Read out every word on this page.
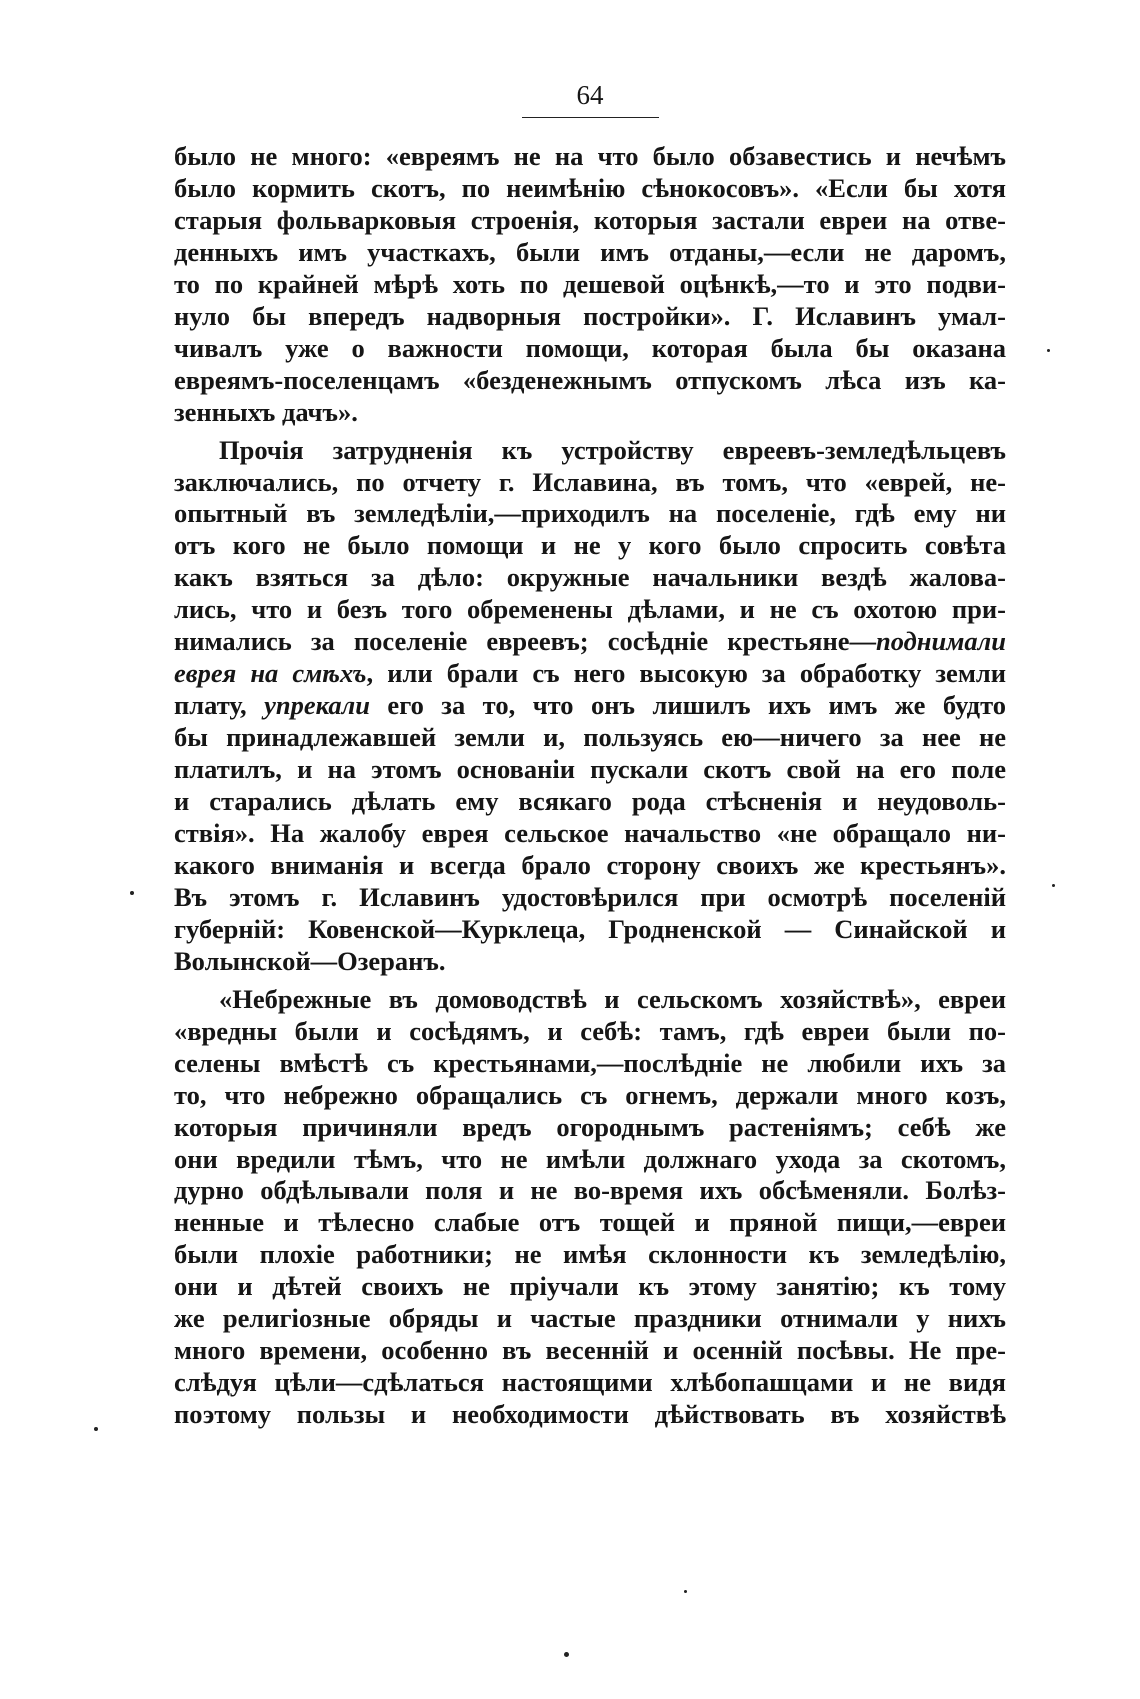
64
было не много: «евреямъ не на что было обзавестись и нечѣмъ
было кормить скотъ, по неимѣнію сѣнокосовъ». «Если бы хотя
старыя фольварковыя строенія, которыя застали евреи на отве-
денныхъ имъ участкахъ, были имъ отданы,—если не даромъ,
то по крайней мѣрѣ хоть по дешевой оцѣнкѣ,—то и это подви-
нуло бы впередъ надворныя постройки». Г. Иславинъ умал-
чивалъ уже о важности помощи, которая была бы оказана
евреямъ-поселенцамъ «безденежнымъ отпускомъ лѣса изъ ка-
зенныхъ дачъ».
Прочія затрудненія къ устройству евреевъ-земледѣльцевъ
заключались, по отчету г. Иславина, въ томъ, что «еврей, не-
опытный въ земледѣліи,—приходилъ на поселеніе, гдѣ ему ни
отъ кого не было помощи и не у кого было спросить совѣта
какъ взяться за дѣло: окружные начальники вездѣ жалова-
лись, что и безъ того обременены дѣлами, и не съ охотою при-
нимались за поселеніе евреевъ; сосѣдніе крестьяне—поднимали
еврея на смѣхъ, или брали съ него высокую за обработку земли
плату, упрекали его за то, что онъ лишилъ ихъ имъ же будто
бы принадлежавшей земли и, пользуясь ею—ничего за нее не
платилъ, и на этомъ основаніи пускали скотъ свой на его поле
и старались дѣлать ему всякаго рода стѣсненія и неудоволь-
ствія». На жалобу еврея сельское начальство «не обращало ни-
какого вниманія и всегда брало сторону своихъ же крестьянъ».
Въ этомъ г. Иславинъ удостовѣрился при осмотрѣ поселеній
губерній: Ковенской—Курклеца, Гродненской — Синайской и
Волынской—Озеранъ.
«Небрежные въ домоводствѣ и сельскомъ хозяйствѣ», евреи
«вредны были и сосѣдямъ, и себѣ: тамъ, гдѣ евреи были по-
селены вмѣстѣ съ крестьянами,—послѣдніе не любили ихъ за
то, что небрежно обращались съ огнемъ, держали много козъ,
которыя причиняли вредъ огороднымъ растеніямъ; себѣ же
они вредили тѣмъ, что не имѣли должнаго ухода за скотомъ,
дурно обдѣлывали поля и не во-время ихъ обсѣменяли. Болѣз-
ненные и тѣлесно слабые отъ тощей и пряной пищи,—евреи
были плохіе работники; не имѣя склонности къ земледѣлію,
они и дѣтей своихъ не пріучали къ этому занятію; къ тому
же религіозные обряды и частые праздники отнимали у нихъ
много времени, особенно въ весенній и осенній посѣвы. Не пре-
слѣдуя цѣли—сдѣлаться настоящими хлѣбопашцами и не видя
поэтому пользы и необходимости дѣйствовать въ хозяйствѣ
